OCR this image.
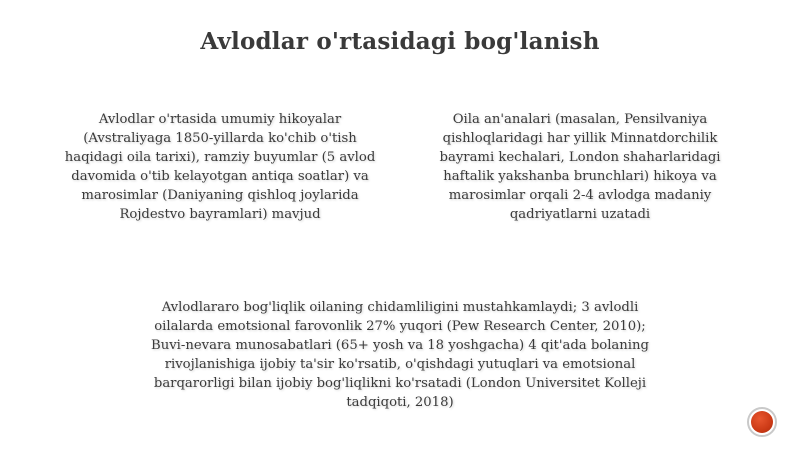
Avlodlar o'rtasidagi bog'lanish
Avlodlar o'rtasida umumiy hikoyalar (Avstraliyaga 1850-yillarda ko'chib o'tish haqidagi oila tarixi), ramziy buyumlar (5 avlod davomida o'tib kelayotgan antiqa soatlar) va marosimlar (Daniyaning qishloq joylarida Rojdestvo bayramlari) mavjud
Oila an'analari (masalan, Pensilvaniya qishloqlaridagi har yillik Minnatdorchilik bayrami kechalari, London shaharlaridagi haftalik yakshanba brunchlari) hikoya va marosimlar orqali 2-4 avlodga madaniy qadriyatlarni uzatadi
Avlodlararo bog'liqlik oilaning chidamliligini mustahkamlaydi; 3 avlodli oilalarda emotsional farovonlik 27% yuqori (Pew Research Center, 2010); Buvi-nevara munosabatlari (65+ yosh va 18 yoshgacha) 4 qit'ada bolaning rivojlanishiga ijobiy ta'sir ko'rsatib, o'qishdagi yutuqlari va emotsional barqarorligi bilan ijobiy bog'liqlikni ko'rsatadi (London Universitet Kolleji tadqiqoti, 2018)
